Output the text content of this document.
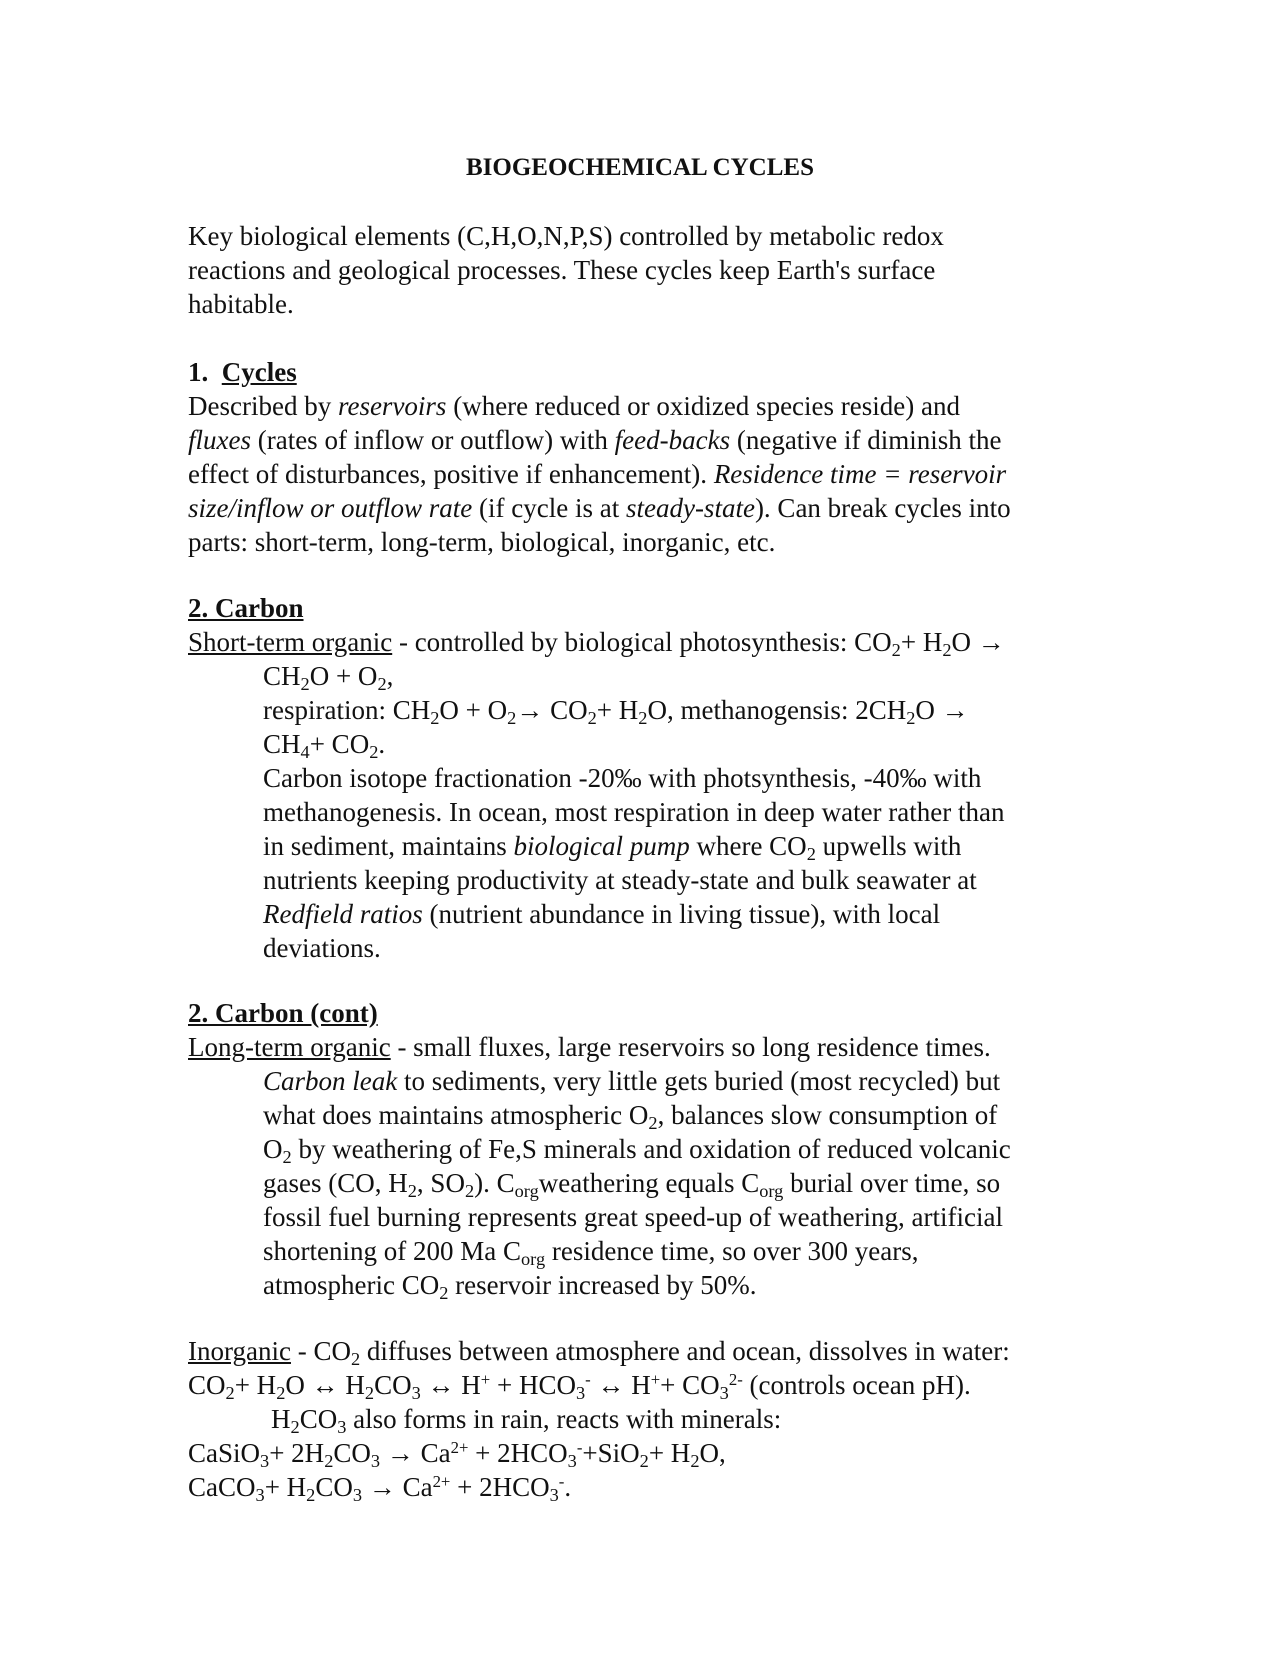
BIOGEOCHEMICAL CYCLES
Key biological elements (C,H,O,N,P,S) controlled by metabolic redox
reactions and geological processes. These cycles keep Earth's surface
habitable.
1. Cycles
Described by reservoirs (where reduced or oxidized species reside) and
fluxes (rates of inflow or outflow) with feed-backs (negative if diminish the
effect of disturbances, positive if enhancement). Residence time = reservoir
size/inflow or outflow rate (if cycle is at steady-state). Can break cycles into
parts: short-term, long-term, biological, inorganic, etc.
2. Carbon
Short-term organic - controlled by biological photosynthesis: $CO_2+ H_2O$ →
$CH_2O + O_2$,
respiration: $CH_2O + O_2\to CO_2+ H_2O$, methanogensis: $2CH_2O$ →
$CH_4+ CO_2$.
Carbon isotope fractionation -20‰ with photsynthesis, -40‰ with
methanogenesis. In ocean, most respiration in deep water rather than
in sediment, maintains biological pump where $CO_2$ upwells with
nutrients keeping productivity at steady-state and bulk seawater at
Redfield ratios (nutrient abundance in living tissue), with local
deviations.
2. Carbon (cont)
Long-term organic - small fluxes, large reservoirs so long residence times.
Carbon leak to sediments, very little gets buried (most recycled) but
what does maintains atmospheric $O_2$, balances slow consumption of
$O_2$ by weathering of Fe,S minerals and oxidation of reduced volcanic
gases (CO, $H_2$, $SO_2$). $C_{org}weathering$ equals $C_{org}$ burial over time, so
fossil fuel burning represents great speed-up of weathering, artificial
shortening of 200 Ma $C_{org}$ residence time, so over 300 years,
atmospheric $CO_2$ reservoir increased by 50%.
Inorganic - $CO_2$ diffuses between atmosphere and ocean, dissolves in water:
$CO_2+ H_2O$ ↔ $H_2CO_3$ ↔ $H^+ + HCO_3^-$ ↔ $H^++ CO_3^{2-}$ (controls ocean pH).
$H_2CO_3$ also forms in rain, reacts with minerals:
CaSiO$_3$+ $2H_2CO_3 \to Ca^{2+} + 2HCO_3^-+SiO_2+ H_2O$,
CaCO$_3$+ $H_2CO_3 \to Ca^{2+} + 2HCO_3^-$.
